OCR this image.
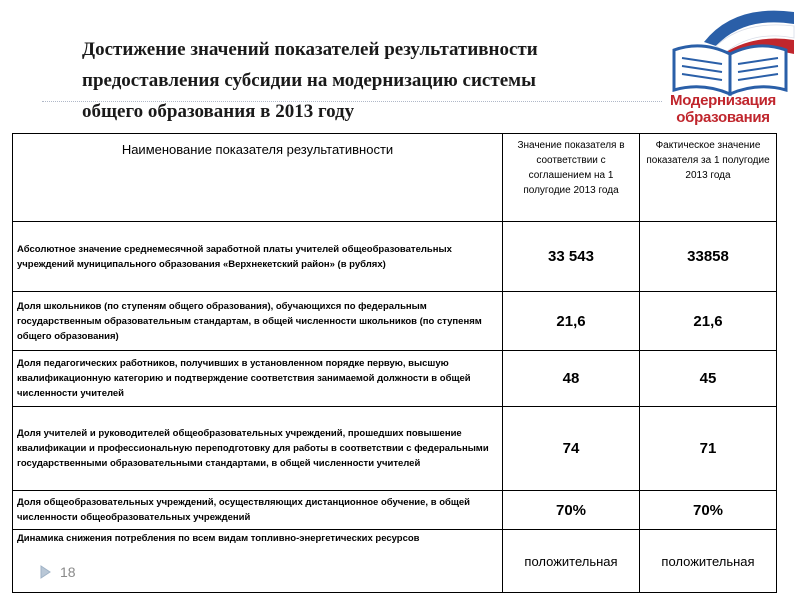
Достижение значений показателей результативности
предоставления субсидии на модернизацию системы
общего образования в 2013 году
Модернизация
образования
Наименование показателя результативности	Значение показателя в соответствии с соглашением на 1 полугодие 2013 года	Фактическое значение показателя за 1 полугодие 2013 года
Абсолютное значение среднемесячной заработной платы учителей общеобразовательных учреждений муниципального образования «Верхнекетский район» (в рублях)	33 543	33858
Доля школьников (по ступеням общего образования), обучающихся по федеральным государственным образовательным стандартам, в общей численности школьников (по ступеням общего образования)	21,6	21,6
Доля педагогических работников, получивших в установленном порядке первую, высшую квалификационную категорию и подтверждение соответствия занимаемой должности в общей численности учителей	48	45
Доля учителей и руководителей общеобразовательных учреждений, прошедших повышение квалификации и профессиональную переподготовку для работы в соответствии с федеральными государственными образовательными стандартами, в общей численности учителей	74	71
Доля общеобразовательных учреждений, осуществляющих дистанционное обучение, в общей численности общеобразовательных учреждений	70%	70%
Динамика снижения потребления по всем видам топливно-энергетических ресурсов	положительная	положительная
18
